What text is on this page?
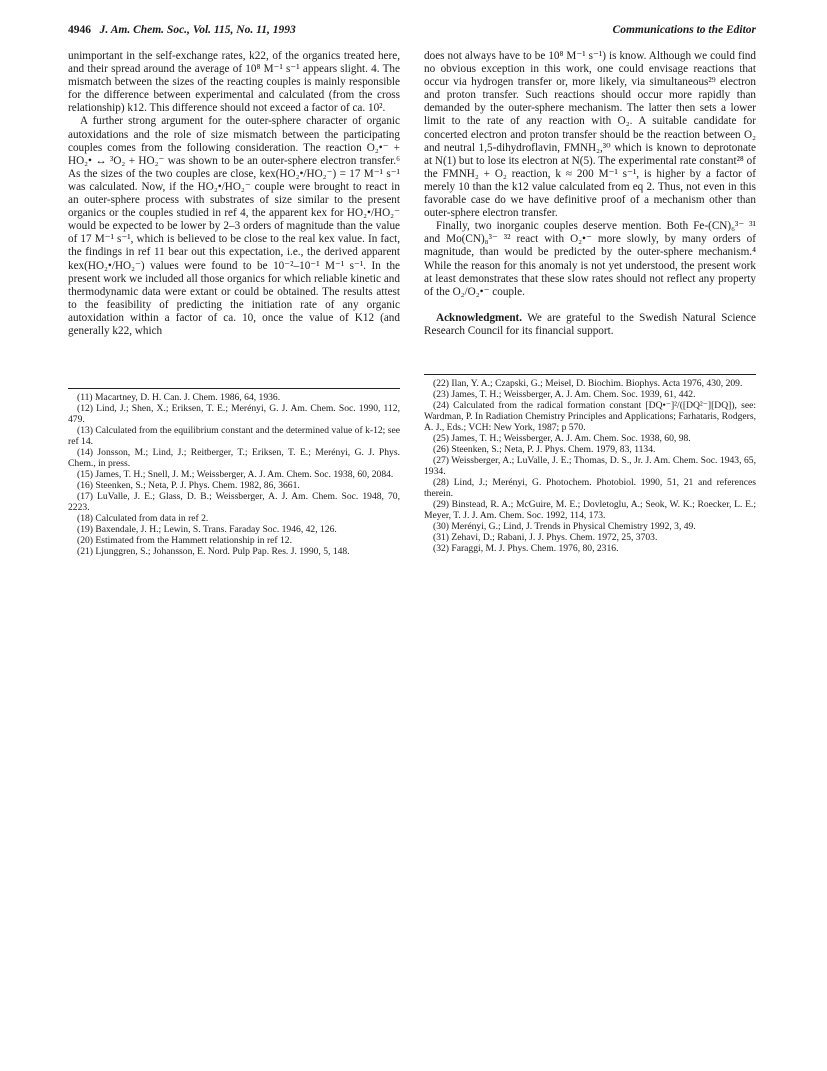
4946 J. Am. Chem. Soc., Vol. 115, No. 11, 1993	Communications to the Editor

unimportant in the self-exchange rates, k22, of the organics treated here, and their spread around the average of 10⁸ M⁻¹ s⁻¹ appears slight. 4. The mismatch between the sizes of the reacting couples is mainly responsible for the difference between experimental and calculated (from the cross relationship) k12. This difference should not exceed a factor of ca. 10².

A further strong argument for the outer-sphere character of organic autoxidations and the role of size mismatch between the participating couples comes from the following consideration. The reaction O₂•⁻ + HO₂• ↔ ³O₂ + HO₂⁻ was shown to be an outer-sphere electron transfer.⁶ As the sizes of the two couples are close, kex(HO₂•/HO₂⁻) = 17 M⁻¹ s⁻¹ was calculated. Now, if the HO₂•/HO₂⁻ couple were brought to react in an outer-sphere process with substrates of size similar to the present organics or the couples studied in ref 4, the apparent kex for HO₂•/HO₂⁻ would be expected to be lower by 2–3 orders of magnitude than the value of 17 M⁻¹ s⁻¹, which is believed to be close to the real kex value. In fact, the findings in ref 11 bear out this expectation, i.e., the derived apparent kex(HO₂•/HO₂⁻) values were found to be 10⁻²–10⁻¹ M⁻¹ s⁻¹. In the present work we included all those organics for which reliable kinetic and thermodynamic data were extant or could be obtained. The results attest to the feasibility of predicting the initiation rate of any organic autoxidation within a factor of ca. 10, once the value of K12 (and generally k22, which

does not always have to be 10⁸ M⁻¹ s⁻¹) is know. Although we could find no obvious exception in this work, one could envisage reactions that occur via hydrogen transfer or, more likely, via simultaneous²⁹ electron and proton transfer. Such reactions should occur more rapidly than demanded by the outer-sphere mechanism. The latter then sets a lower limit to the rate of any reaction with O₂. A suitable candidate for concerted electron and proton transfer should be the reaction between O₂ and neutral 1,5-dihydroflavin, FMNH₂,³⁰ which is known to deprotonate at N(1) but to lose its electron at N(5). The experimental rate constant²⁸ of the FMNH₂ + O₂ reaction, k ≈ 200 M⁻¹ s⁻¹, is higher by a factor of merely 10 than the k12 value calculated from eq 2. Thus, not even in this favorable case do we have definitive proof of a mechanism other than outer-sphere electron transfer.

Finally, two inorganic couples deserve mention. Both Fe-(CN)₆³⁻ ³¹ and Mo(CN)₈³⁻ ³² react with O₂•⁻ more slowly, by many orders of magnitude, than would be predicted by the outer-sphere mechanism.⁴ While the reason for this anomaly is not yet understood, the present work at least demonstrates that these slow rates should not reflect any property of the O₂/O₂•⁻ couple.

Acknowledgment. We are grateful to the Swedish Natural Science Research Council for its financial support.

(11) Macartney, D. H. Can. J. Chem. 1986, 64, 1936.

(12) Lind, J.; Shen, X.; Eriksen, T. E.; Merényi, G. J. Am. Chem. Soc. 1990, 112, 479.

(13) Calculated from the equilibrium constant and the determined value of k-12; see ref 14.

(14) Jonsson, M.; Lind, J.; Reitberger, T.; Eriksen, T. E.; Merényi, G. J. Phys. Chem., in press.

(15) James, T. H.; Snell, J. M.; Weissberger, A. J. Am. Chem. Soc. 1938, 60, 2084.

(16) Steenken, S.; Neta, P. J. Phys. Chem. 1982, 86, 3661.

(17) LuValle, J. E.; Glass, D. B.; Weissberger, A. J. Am. Chem. Soc. 1948, 70, 2223.

(18) Calculated from data in ref 2.

(19) Baxendale, J. H.; Lewin, S. Trans. Faraday Soc. 1946, 42, 126.

(20) Estimated from the Hammett relationship in ref 12.

(21) Ljunggren, S.; Johansson, E. Nord. Pulp Pap. Res. J. 1990, 5, 148.

(22) Ilan, Y. A.; Czapski, G.; Meisel, D. Biochim. Biophys. Acta 1976, 430, 209.

(23) James, T. H.; Weissberger, A. J. Am. Chem. Soc. 1939, 61, 442.

(24) Calculated from the radical formation constant [DQ•⁻]²/([DQ²⁻][DQ]), see: Wardman, P. In Radiation Chemistry Principles and Applications; Farhataris, Rodgers, A. J., Eds.; VCH: New York, 1987; p 570.

(25) James, T. H.; Weissberger, A. J. Am. Chem. Soc. 1938, 60, 98.

(26) Steenken, S.; Neta, P. J. Phys. Chem. 1979, 83, 1134.

(27) Weissberger, A.; LuValle, J. E.; Thomas, D. S., Jr. J. Am. Chem. Soc. 1943, 65, 1934.

(28) Lind, J.; Merényi, G. Photochem. Photobiol. 1990, 51, 21 and references therein.

(29) Binstead, R. A.; McGuire, M. E.; Dovletoglu, A.; Seok, W. K.; Roecker, L. E.; Meyer, T. J. J. Am. Chem. Soc. 1992, 114, 173.

(30) Merényi, G.; Lind, J. Trends in Physical Chemistry 1992, 3, 49.

(31) Zehavi, D.; Rabani, J. J. Phys. Chem. 1972, 25, 3703.

(32) Faraggi, M. J. Phys. Chem. 1976, 80, 2316.
